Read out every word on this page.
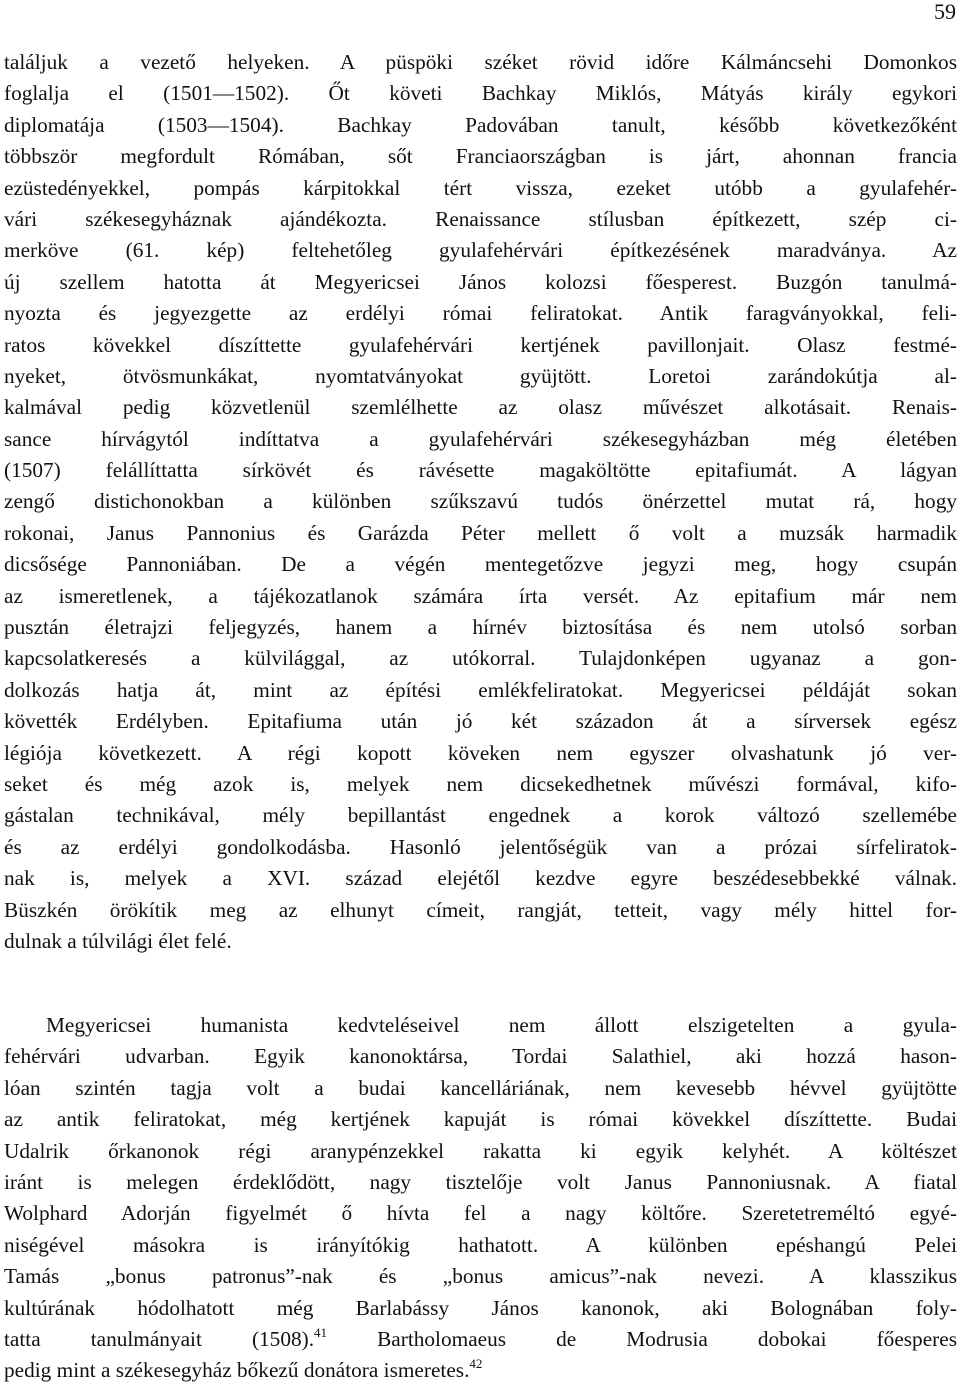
59
találjuk a vezető helyeken. A püspöki széket rövid időre Kálmáncsehi Domonkos
foglalja el (1501—1502). Őt követi Bachkay Miklós, Mátyás király egykori
diplomatája (1503—1504). Bachkay Padovában tanult, később következőként
többször megfordult Rómában, sőt Franciaországban is járt, ahonnan francia
ezüstedényekkel, pompás kárpitokkal tért vissza, ezeket utóbb a gyulafehér-
vári székesegyháznak ajándékozta. Renaissance stílusban építkezett, szép ci-
merköve (61. kép) feltehetőleg gyulafehérvári építkezésének maradványa. Az
új szellem hatotta át Megyericsei János kolozsi főesperest. Buzgón tanulmá-
nyozta és jegyezgette az erdélyi római feliratokat. Antik faragványokkal, feli-
ratos kövekkel díszíttette gyulafehérvári kertjének pavillonjait. Olasz festmé-
nyeket, ötvösmunkákat, nyomtatványokat gyüjtött. Loretoi zarándokútja al-
kalmával pedig közvetlenül szemlélhette az olasz művészet alkotásait. Renais-
sance hírvágytól indíttatva a gyulafehérvári székesegyházban még életében
(1507) felállíttatta sírkövét és rávésette magaköltötte epitafiumát. A lágyan
zengő distichonokban a különben szűkszavú tudós önérzettel mutat rá, hogy
rokonai, Janus Pannonius és Garázda Péter mellett ő volt a muzsák harmadik
dicsősége Pannoniában. De a végén mentegetőzve jegyzi meg, hogy csupán
az ismeretlenek, a tájékozatlanok számára írta versét. Az epitafium már nem
pusztán életrajzi feljegyzés, hanem a hírnév biztosítása és nem utolsó sorban
kapcsolatkeresés a külvilággal, az utókorral. Tulajdonképen ugyanaz a gon-
dolkozás hatja át, mint az építési emlékfeliratokat. Megyericsei példáját sokan
követték Erdélyben. Epitafiuma után jó két századon át a sírversek egész
légiója következett. A régi kopott köveken nem egyszer olvashatunk jó ver-
seket és még azok is, melyek nem dicsekedhetnek művészi formával, kifo-
gástalan technikával, mély bepillantást engednek a korok változó szellemébe
és az erdélyi gondolkodásba. Hasonló jelentőségük van a prózai sírfeliratok-
nak is, melyek a XVI. század elejétől kezdve egyre beszédesebbekké válnak.
Büszkén örökítik meg az elhunyt címeit, rangját, tetteit, vagy mély hittel for-
dulnak a túlvilági élet felé.
Megyericsei humanista kedvteléseivel nem állott elszigetelten a gyula-
fehérvári udvarban. Egyik kanonoktársa, Tordai Salathiel, aki hozzá hason-
lóan szintén tagja volt a budai kancelláriának, nem kevesebb hévvel gyüjtötte
az antik feliratokat, még kertjének kapuját is római kövekkel díszíttette. Budai
Udalrik őrkanonok régi aranypénzekkel rakatta ki egyik kelyhét. A költészet
iránt is melegen érdeklődött, nagy tisztelője volt Janus Pannoniusnak. A fiatal
Wolphard Adorján figyelmét ő hívta fel a nagy költőre. Szeretetreméltó egyé-
niségével másokra is irányítókig hathatott. A különben epéshangú Pelei
Tamás „bonus patronus”-nak és „bonus amicus”-nak nevezi. A klasszikus
kultúrának hódolhatott még Barlabássy János kanonok, aki Bolognában foly-
tatta tanulmányait (1508).$^{41}$ Bartholomaeus de Modrusia dobokai főesperes
pedig mint a székesegyház bőkezű donátora ismeretes.$^{42}$
